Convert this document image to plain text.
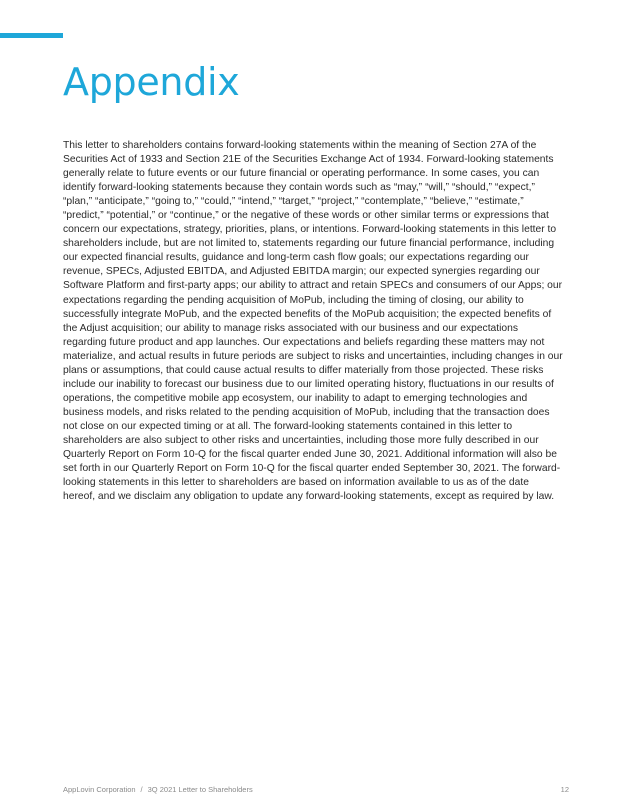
Appendix

This letter to shareholders contains forward-looking statements within the meaning of Section 27A of the Securities Act of 1933 and Section 21E of the Securities Exchange Act of 1934. Forward-looking statements generally relate to future events or our future financial or operating performance. In some cases, you can identify forward-looking statements because they contain words such as “may,” “will,” “should,” “expect,” “plan,” “anticipate,” “going to,” “could,” “intend,” “target,” “project,” “contemplate,” “believe,” “estimate,” “predict,” “potential,” or “continue,” or the negative of these words or other similar terms or expressions that concern our expectations, strategy, priorities, plans, or intentions. Forward-looking statements in this letter to shareholders include, but are not limited to, statements regarding our future financial performance, including our expected financial results, guidance and long-term cash flow goals; our expectations regarding our revenue, SPECs, Adjusted EBITDA, and Adjusted EBITDA margin; our expected synergies regarding our Software Platform and first-party apps; our ability to attract and retain SPECs and consumers of our Apps; our expectations regarding the pending acquisition of MoPub, including the timing of closing, our ability to successfully integrate MoPub, and the expected benefits of the MoPub acquisition; the expected benefits of the Adjust acquisition; our ability to manage risks associated with our business and our expectations regarding future product and app launches. Our expectations and beliefs regarding these matters may not materialize, and actual results in future periods are subject to risks and uncertainties, including changes in our plans or assumptions, that could cause actual results to differ materially from those projected. These risks include our inability to forecast our business due to our limited operating history, fluctuations in our results of operations, the competitive mobile app ecosystem, our inability to adapt to emerging technologies and business models, and risks related to the pending acquisition of MoPub, including that the transaction does not close on our expected timing or at all. The forward-looking statements contained in this letter to shareholders are also subject to other risks and uncertainties, including those more fully described in our Quarterly Report on Form 10-Q for the fiscal quarter ended June 30, 2021. Additional information will also be set forth in our Quarterly Report on Form 10-Q for the fiscal quarter ended September 30, 2021. The forward-looking statements in this letter to shareholders are based on information available to us as of the date hereof, and we disclaim any obligation to update any forward-looking statements, except as required by law.

AppLovin Corporation / 3Q 2021 Letter to Shareholders	12
